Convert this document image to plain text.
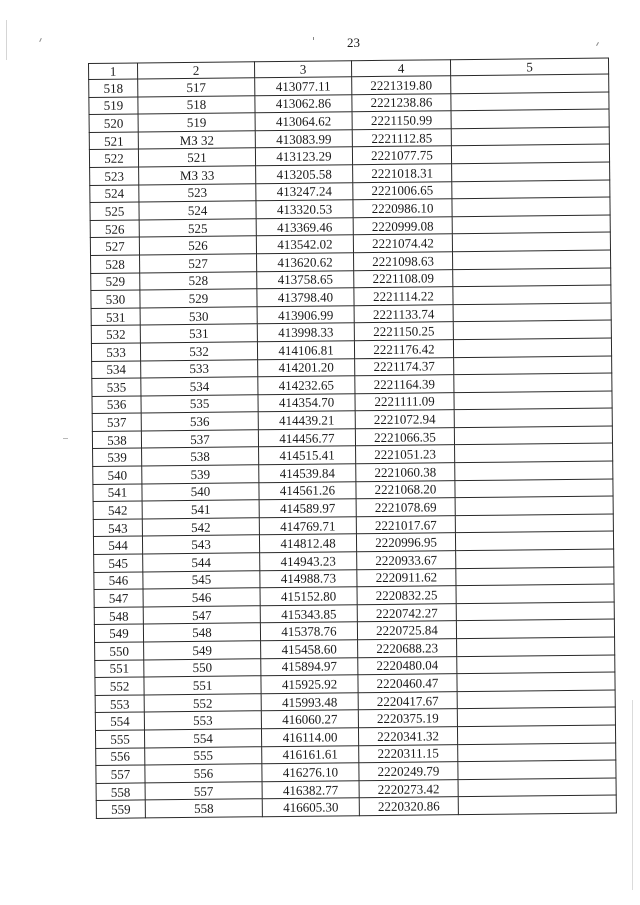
23
1	2	3	4	5
518	517	413077.11	2221319.80	
519	518	413062.86	2221238.86	
520	519	413064.62	2221150.99	
521	МЗ 32	413083.99	2221112.85	
522	521	413123.29	2221077.75	
523	МЗ 33	413205.58	2221018.31	
524	523	413247.24	2221006.65	
525	524	413320.53	2220986.10	
526	525	413369.46	2220999.08	
527	526	413542.02	2221074.42	
528	527	413620.62	2221098.63	
529	528	413758.65	2221108.09	
530	529	413798.40	2221114.22	
531	530	413906.99	2221133.74	
532	531	413998.33	2221150.25	
533	532	414106.81	2221176.42	
534	533	414201.20	2221174.37	
535	534	414232.65	2221164.39	
536	535	414354.70	2221111.09	
537	536	414439.21	2221072.94	
538	537	414456.77	2221066.35	
539	538	414515.41	2221051.23	
540	539	414539.84	2221060.38	
541	540	414561.26	2221068.20	
542	541	414589.97	2221078.69	
543	542	414769.71	2221017.67	
544	543	414812.48	2220996.95	
545	544	414943.23	2220933.67	
546	545	414988.73	2220911.62	
547	546	415152.80	2220832.25	
548	547	415343.85	2220742.27	
549	548	415378.76	2220725.84	
550	549	415458.60	2220688.23	
551	550	415894.97	2220480.04	
552	551	415925.92	2220460.47	
553	552	415993.48	2220417.67	
554	553	416060.27	2220375.19	
555	554	416114.00	2220341.32	
556	555	416161.61	2220311.15	
557	556	416276.10	2220249.79	
558	557	416382.77	2220273.42	
559	558	416605.30	2220320.86	
